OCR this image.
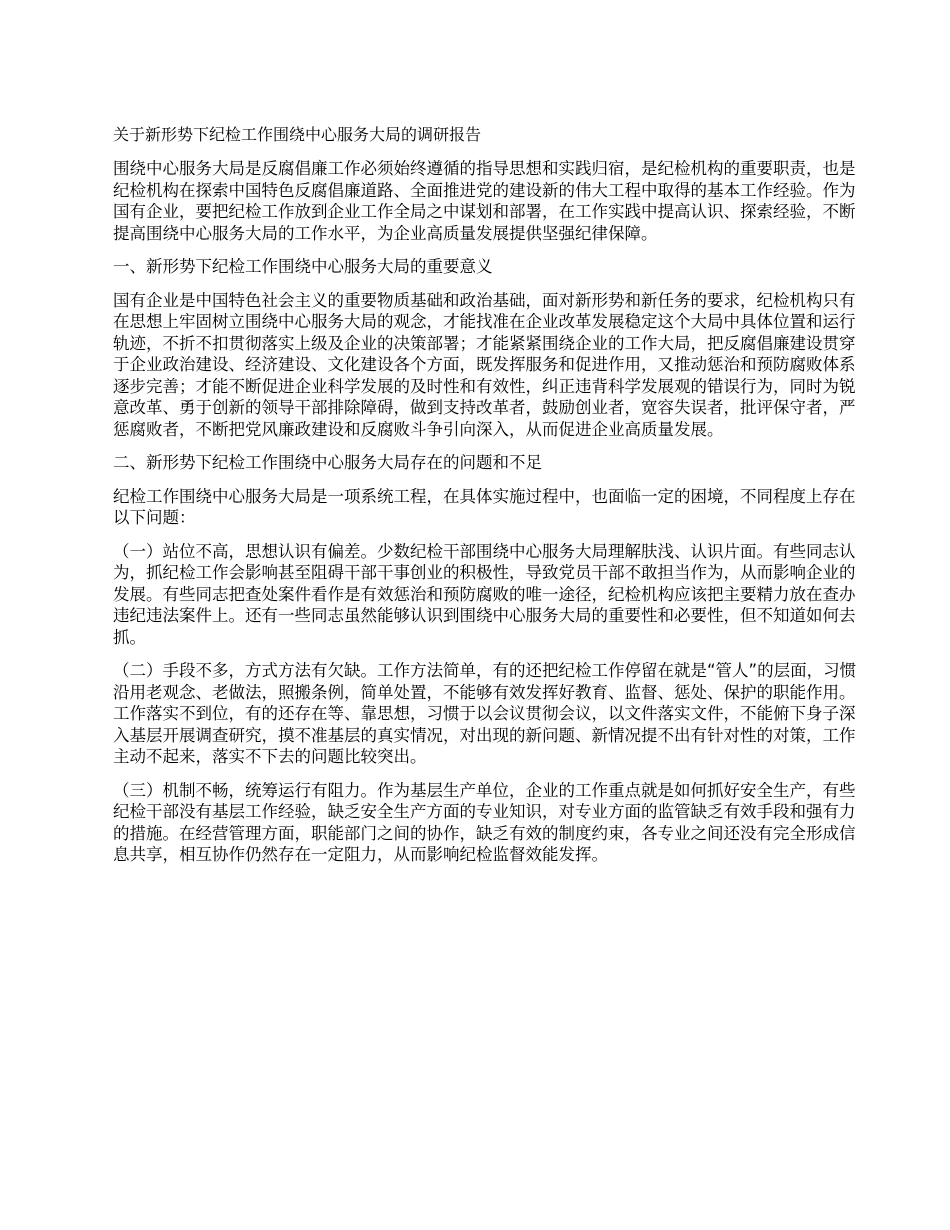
关于新形势下纪检工作围绕中心服务大局的调研报告

围绕中心服务大局是反腐倡廉工作必须始终遵循的指导思想和实践归宿，是纪检机构的重要职责，也是纪检机构在探索中国特色反腐倡廉道路、全面推进党的建设新的伟大工程中取得的基本工作经验。作为国有企业，要把纪检工作放到企业工作全局之中谋划和部署，在工作实践中提高认识、探索经验，不断提高围绕中心服务大局的工作水平，为企业高质量发展提供坚强纪律保障。

一、新形势下纪检工作围绕中心服务大局的重要意义

国有企业是中国特色社会主义的重要物质基础和政治基础，面对新形势和新任务的要求，纪检机构只有在思想上牢固树立围绕中心服务大局的观念，才能找准在企业改革发展稳定这个大局中具体位置和运行轨迹，不折不扣贯彻落实上级及企业的决策部署；才能紧紧围绕企业的工作大局，把反腐倡廉建设贯穿于企业政治建设、经济建设、文化建设各个方面，既发挥服务和促进作用，又推动惩治和预防腐败体系逐步完善；才能不断促进企业科学发展的及时性和有效性，纠正违背科学发展观的错误行为，同时为锐意改革、勇于创新的领导干部排除障碍，做到支持改革者，鼓励创业者，宽容失误者，批评保守者，严惩腐败者，不断把党风廉政建设和反腐败斗争引向深入，从而促进企业高质量发展。

二、新形势下纪检工作围绕中心服务大局存在的问题和不足

纪检工作围绕中心服务大局是一项系统工程，在具体实施过程中，也面临一定的困境，不同程度上存在以下问题：

（一）站位不高，思想认识有偏差。少数纪检干部围绕中心服务大局理解肤浅、认识片面。有些同志认为，抓纪检工作会影响甚至阻碍干部干事创业的积极性，导致党员干部不敢担当作为，从而影响企业的发展。有些同志把查处案件看作是有效惩治和预防腐败的唯一途径，纪检机构应该把主要精力放在查办违纪违法案件上。还有一些同志虽然能够认识到围绕中心服务大局的重要性和必要性，但不知道如何去抓。

（二）手段不多，方式方法有欠缺。工作方法简单，有的还把纪检工作停留在就是“管人”的层面，习惯沿用老观念、老做法，照搬条例，简单处置，不能够有效发挥好教育、监督、惩处、保护的职能作用。工作落实不到位，有的还存在等、靠思想，习惯于以会议贯彻会议，以文件落实文件，不能俯下身子深入基层开展调查研究，摸不准基层的真实情况，对出现的新问题、新情况提不出有针对性的对策，工作主动不起来，落实不下去的问题比较突出。

（三）机制不畅，统筹运行有阻力。作为基层生产单位，企业的工作重点就是如何抓好安全生产，有些纪检干部没有基层工作经验，缺乏安全生产方面的专业知识，对专业方面的监管缺乏有效手段和强有力的措施。在经营管理方面，职能部门之间的协作，缺乏有效的制度约束，各专业之间还没有完全形成信息共享，相互协作仍然存在一定阻力，从而影响纪检监督效能发挥。
